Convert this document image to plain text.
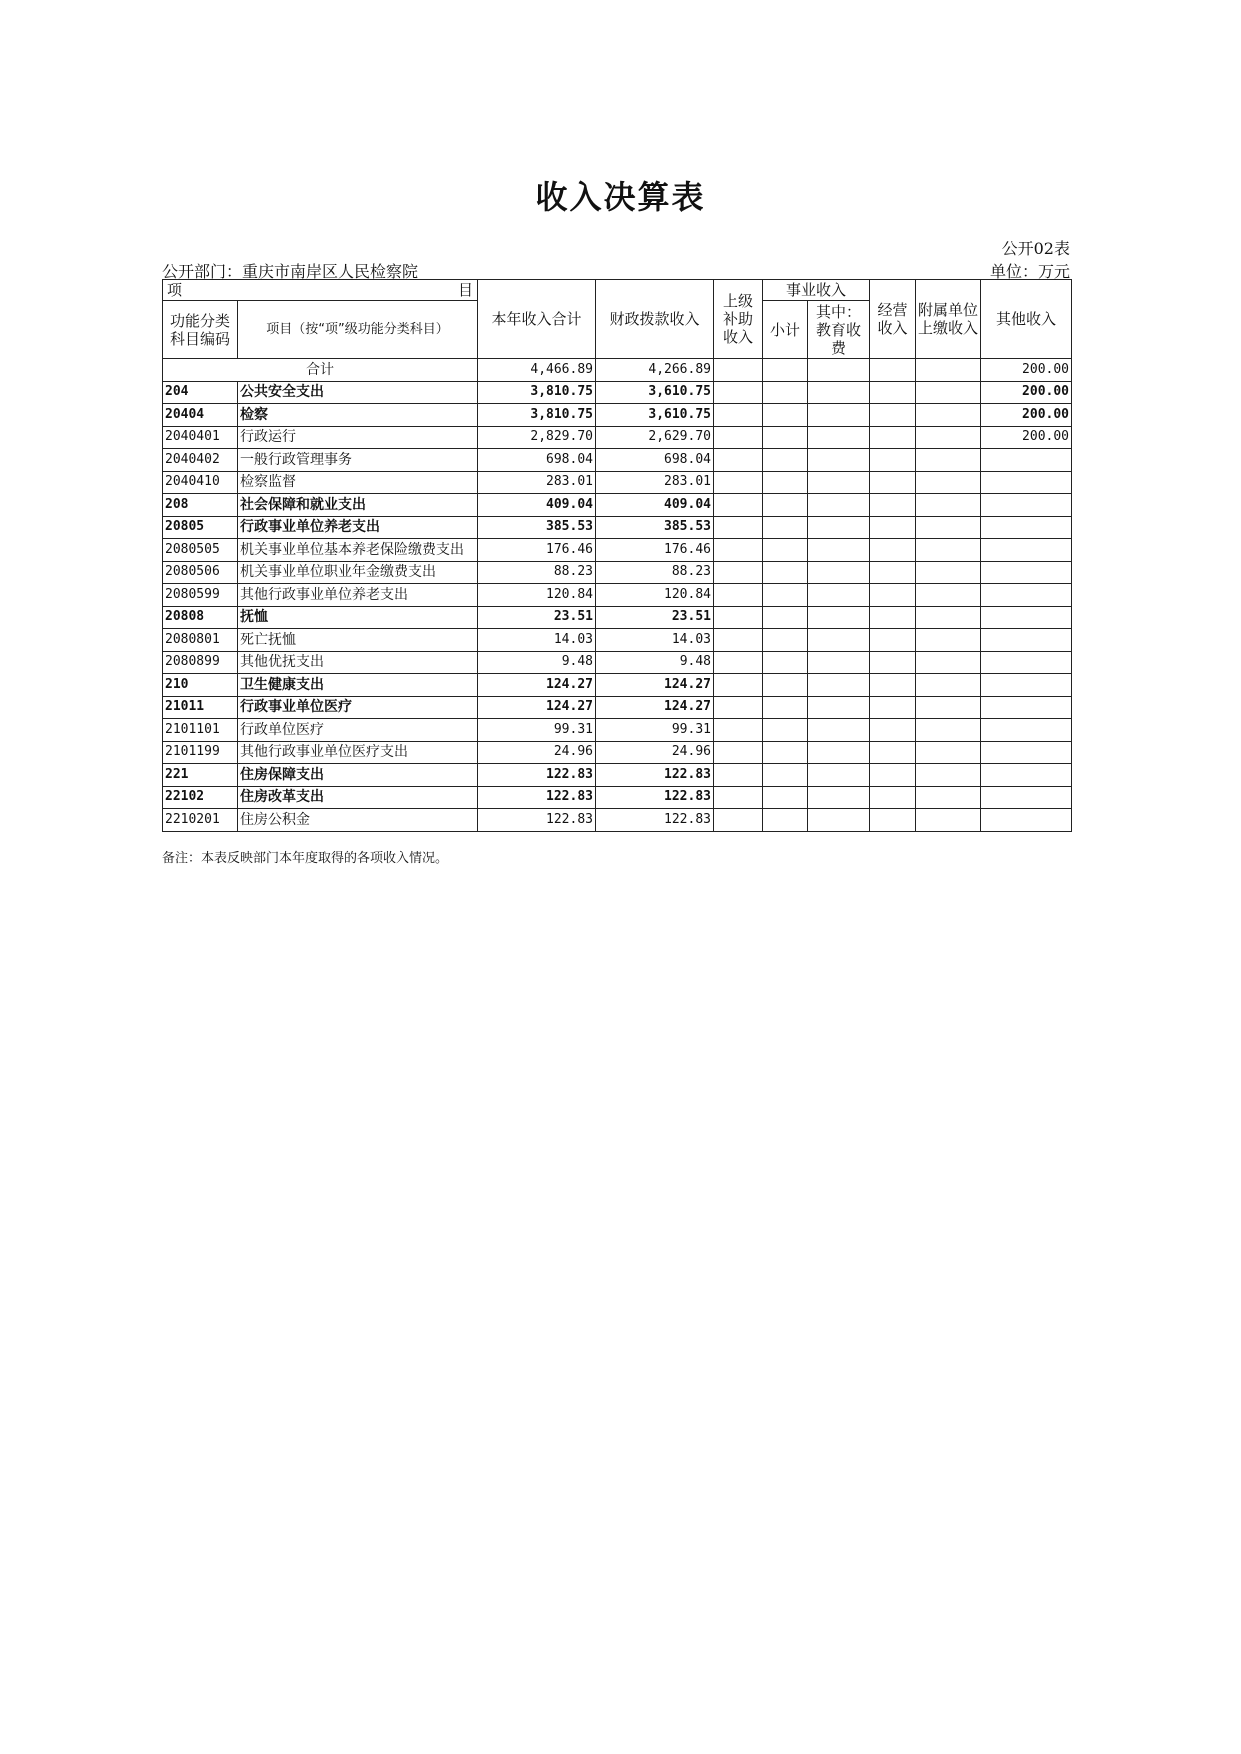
收入决算表
公开02表
公开部门：重庆市南岸区人民检察院	单位：万元
项 目		本年收入合计	财政拨款收入	上级补助收入	事业收入		经营收入	附属单位上缴收入	其他收入
功能分类科目编码	项目（按“项”级功能分类科目）				小计	其中：教育收费			
合计		4,466.89	4,266.89						200.00
204	公共安全支出	3,810.75	3,610.75						200.00
20404	检察	3,810.75	3,610.75						200.00
2040401	行政运行	2,829.70	2,629.70						200.00
2040402	一般行政管理事务	698.04	698.04						
2040410	检察监督	283.01	283.01						
208	社会保障和就业支出	409.04	409.04						
20805	行政事业单位养老支出	385.53	385.53						
2080505	机关事业单位基本养老保险缴费支出	176.46	176.46						
2080506	机关事业单位职业年金缴费支出	88.23	88.23						
2080599	其他行政事业单位养老支出	120.84	120.84						
20808	抚恤	23.51	23.51						
2080801	死亡抚恤	14.03	14.03						
2080899	其他优抚支出	9.48	9.48						
210	卫生健康支出	124.27	124.27						
21011	行政事业单位医疗	124.27	124.27						
2101101	行政单位医疗	99.31	99.31						
2101199	其他行政事业单位医疗支出	24.96	24.96						
221	住房保障支出	122.83	122.83						
22102	住房改革支出	122.83	122.83						
2210201	住房公积金	122.83	122.83						
备注：本表反映部门本年度取得的各项收入情况。
